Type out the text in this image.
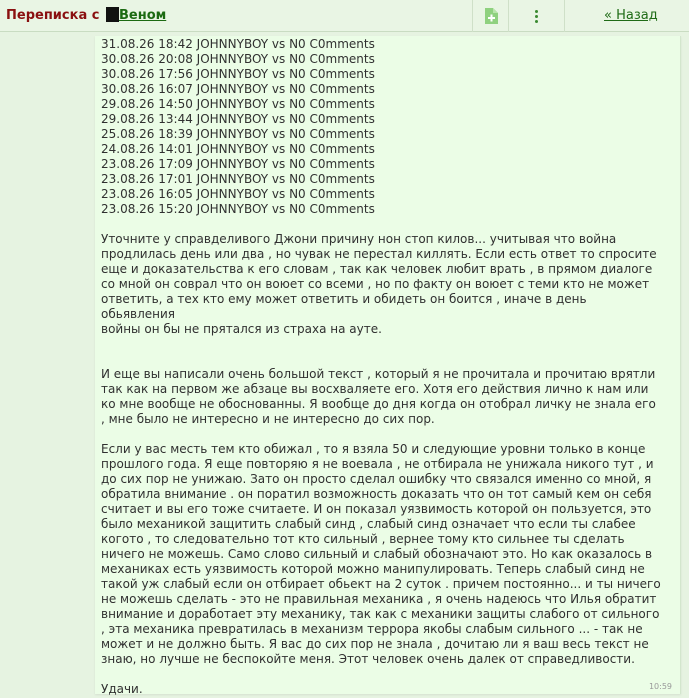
Переписка с Веном	« Назад
31.08.26 18:42 JOHNNYBOY vs N0 C0mments
30.08.26 20:08 JOHNNYBOY vs N0 C0mments
30.08.26 17:56 JOHNNYBOY vs N0 C0mments
30.08.26 16:07 JOHNNYBOY vs N0 C0mments
29.08.26 14:50 JOHNNYBOY vs N0 C0mments
29.08.26 13:44 JOHNNYBOY vs N0 C0mments
25.08.26 18:39 JOHNNYBOY vs N0 C0mments
24.08.26 14:01 JOHNNYBOY vs N0 C0mments
23.08.26 17:09 JOHNNYBOY vs N0 C0mments
23.08.26 17:01 JOHNNYBOY vs N0 C0mments
23.08.26 16:05 JOHNNYBOY vs N0 C0mments
23.08.26 15:20 JOHNNYBOY vs N0 C0mments

Уточните у справделивого Джони причину нон стоп килов... учитывая что война
продлилась день или два , но чувак не перестал киллять. Если есть ответ то спросите
еще и доказательства к его словам , так как человек любит врать , в прямом диалоге
со мной он соврал что он воюет со всеми , но по факту он воюет с теми кто не может
ответить, а тех кто ему может ответить и обидеть он боится , иначе в день обьявления
войны он бы не прятался из страха на ауте.

И еще вы написали очень большой текст , который я не прочитала и прочитаю врятли
так как на первом же абзаце вы восхваляете его. Хотя его действия лично к нам или
ко мне вообще не обоснованны. Я вообще до дня когда он отобрал личку не знала его
, мне было не интересно и не интересно до сих пор.

Если у вас месть тем кто обижал , то я взяла 50 и следующие уровни только в конце
прошлого года. Я еще повторяю я не воевала , не отбирала не унижала никого тут , и
до сих пор не унижаю. Зато он просто сделал ошибку что связался именно со мной, я
обратила внимание . он поратил возможность доказать что он тот самый кем он себя
считает и вы его тоже считаете. И он показал уязвимость которой он пользуется, это
было механикой защитить слабый синд , слабый синд означает что если ты слабее
когото , то следовательно тот кто сильный , вернее тому кто сильнее ты сделать
ничего не можешь. Само слово сильный и слабый обозначают это. Но как оказалось в
механиках есть уязвимость которой можно манипулировать. Теперь слабый синд не
такой уж слабый если он отбирает обьект на 2 суток . причем постоянно... и ты ничего
не можешь сделать - это не правильная механика , я очень надеюсь что Илья обратит
внимание и доработает эту механику, так как с механики защиты слабого от сильного
, эта механика превратилась в механизм террора якобы слабым сильного ... - так не
может и не должно быть. Я вас до сих пор не знала , дочитаю ли я ваш весь текст не
знаю, но лучше не беспокойте меня. Этот человек очень далек от справедливости.

Удачи.	10:59
